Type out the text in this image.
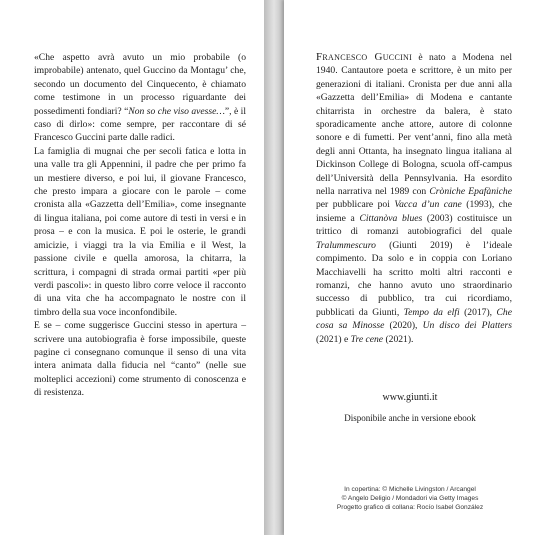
«Che aspetto avrà avuto un mio probabile (o improbabile) antenato, quel Guccino da Montagu’ che, secondo un documento del Cinquecento, è chiamato come testimone in un processo riguardante dei possedimenti fondiari? “Non so che viso avesse…”, è il caso di dirlo»: come sempre, per raccontare di sé Francesco Guccini parte dalle radici.

La famiglia di mugnai che per secoli fatica e lotta in una valle tra gli Appennini, il padre che per primo fa un mestiere diverso, e poi lui, il giovane Francesco, che presto impara a giocare con le parole – come cronista alla «Gazzetta dell’Emilia», come insegnante di lingua italiana, poi come autore di testi in versi e in prosa – e con la musica. E poi le osterie, le grandi amicizie, i viaggi tra la via Emilia e il West, la passione civile e quella amorosa, la chitarra, la scrittura, i compagni di strada ormai partiti «per più verdi pascoli»: in questo libro corre veloce il racconto di una vita che ha accompagnato le nostre con il timbro della sua voce inconfondibile.

E se – come suggerisce Guccini stesso in apertura – scrivere una autobiografia è forse impossibile, queste pagine ci consegnano comunque il senso di una vita intera animata dalla fiducia nel “canto” (nelle sue molteplici accezioni) come strumento di conoscenza e di resistenza.

Francesco Guccini è nato a Modena nel 1940. Cantautore poeta e scrittore, è un mito per generazioni di italiani. Cronista per due anni alla «Gazzetta dell’Emilia» di Modena e cantante chitarrista in orchestre da balera, è stato sporadicamente anche attore, autore di colonne sonore e di fumetti. Per vent’anni, fino alla metà degli anni Ottanta, ha insegnato lingua italiana al Dickinson College di Bologna, scuola off-campus dell’Università della Pennsylvania. Ha esordito nella narrativa nel 1989 con Cròniche Epafàniche per pubblicare poi Vacca d’un cane (1993), che insieme a Cittanòva blues (2003) costituisce un trittico di romanzi autobiografici del quale Tralummescuro (Giunti 2019) è l’ideale compimento. Da solo e in coppia con Loriano Macchiavelli ha scritto molti altri racconti e romanzi, che hanno avuto uno straordinario successo di pubblico, tra cui ricordiamo, pubblicati da Giunti, Tempo da elfi (2017), Che cosa sa Minosse (2020), Un disco dei Platters (2021) e Tre cene (2021).

www.giunti.it
Disponibile anche in versione ebook
In copertina: © Michelle Livingston / Arcangel
© Angelo Deligio / Mondadori via Getty Images
Progetto grafico di collana: Rocío Isabel González
